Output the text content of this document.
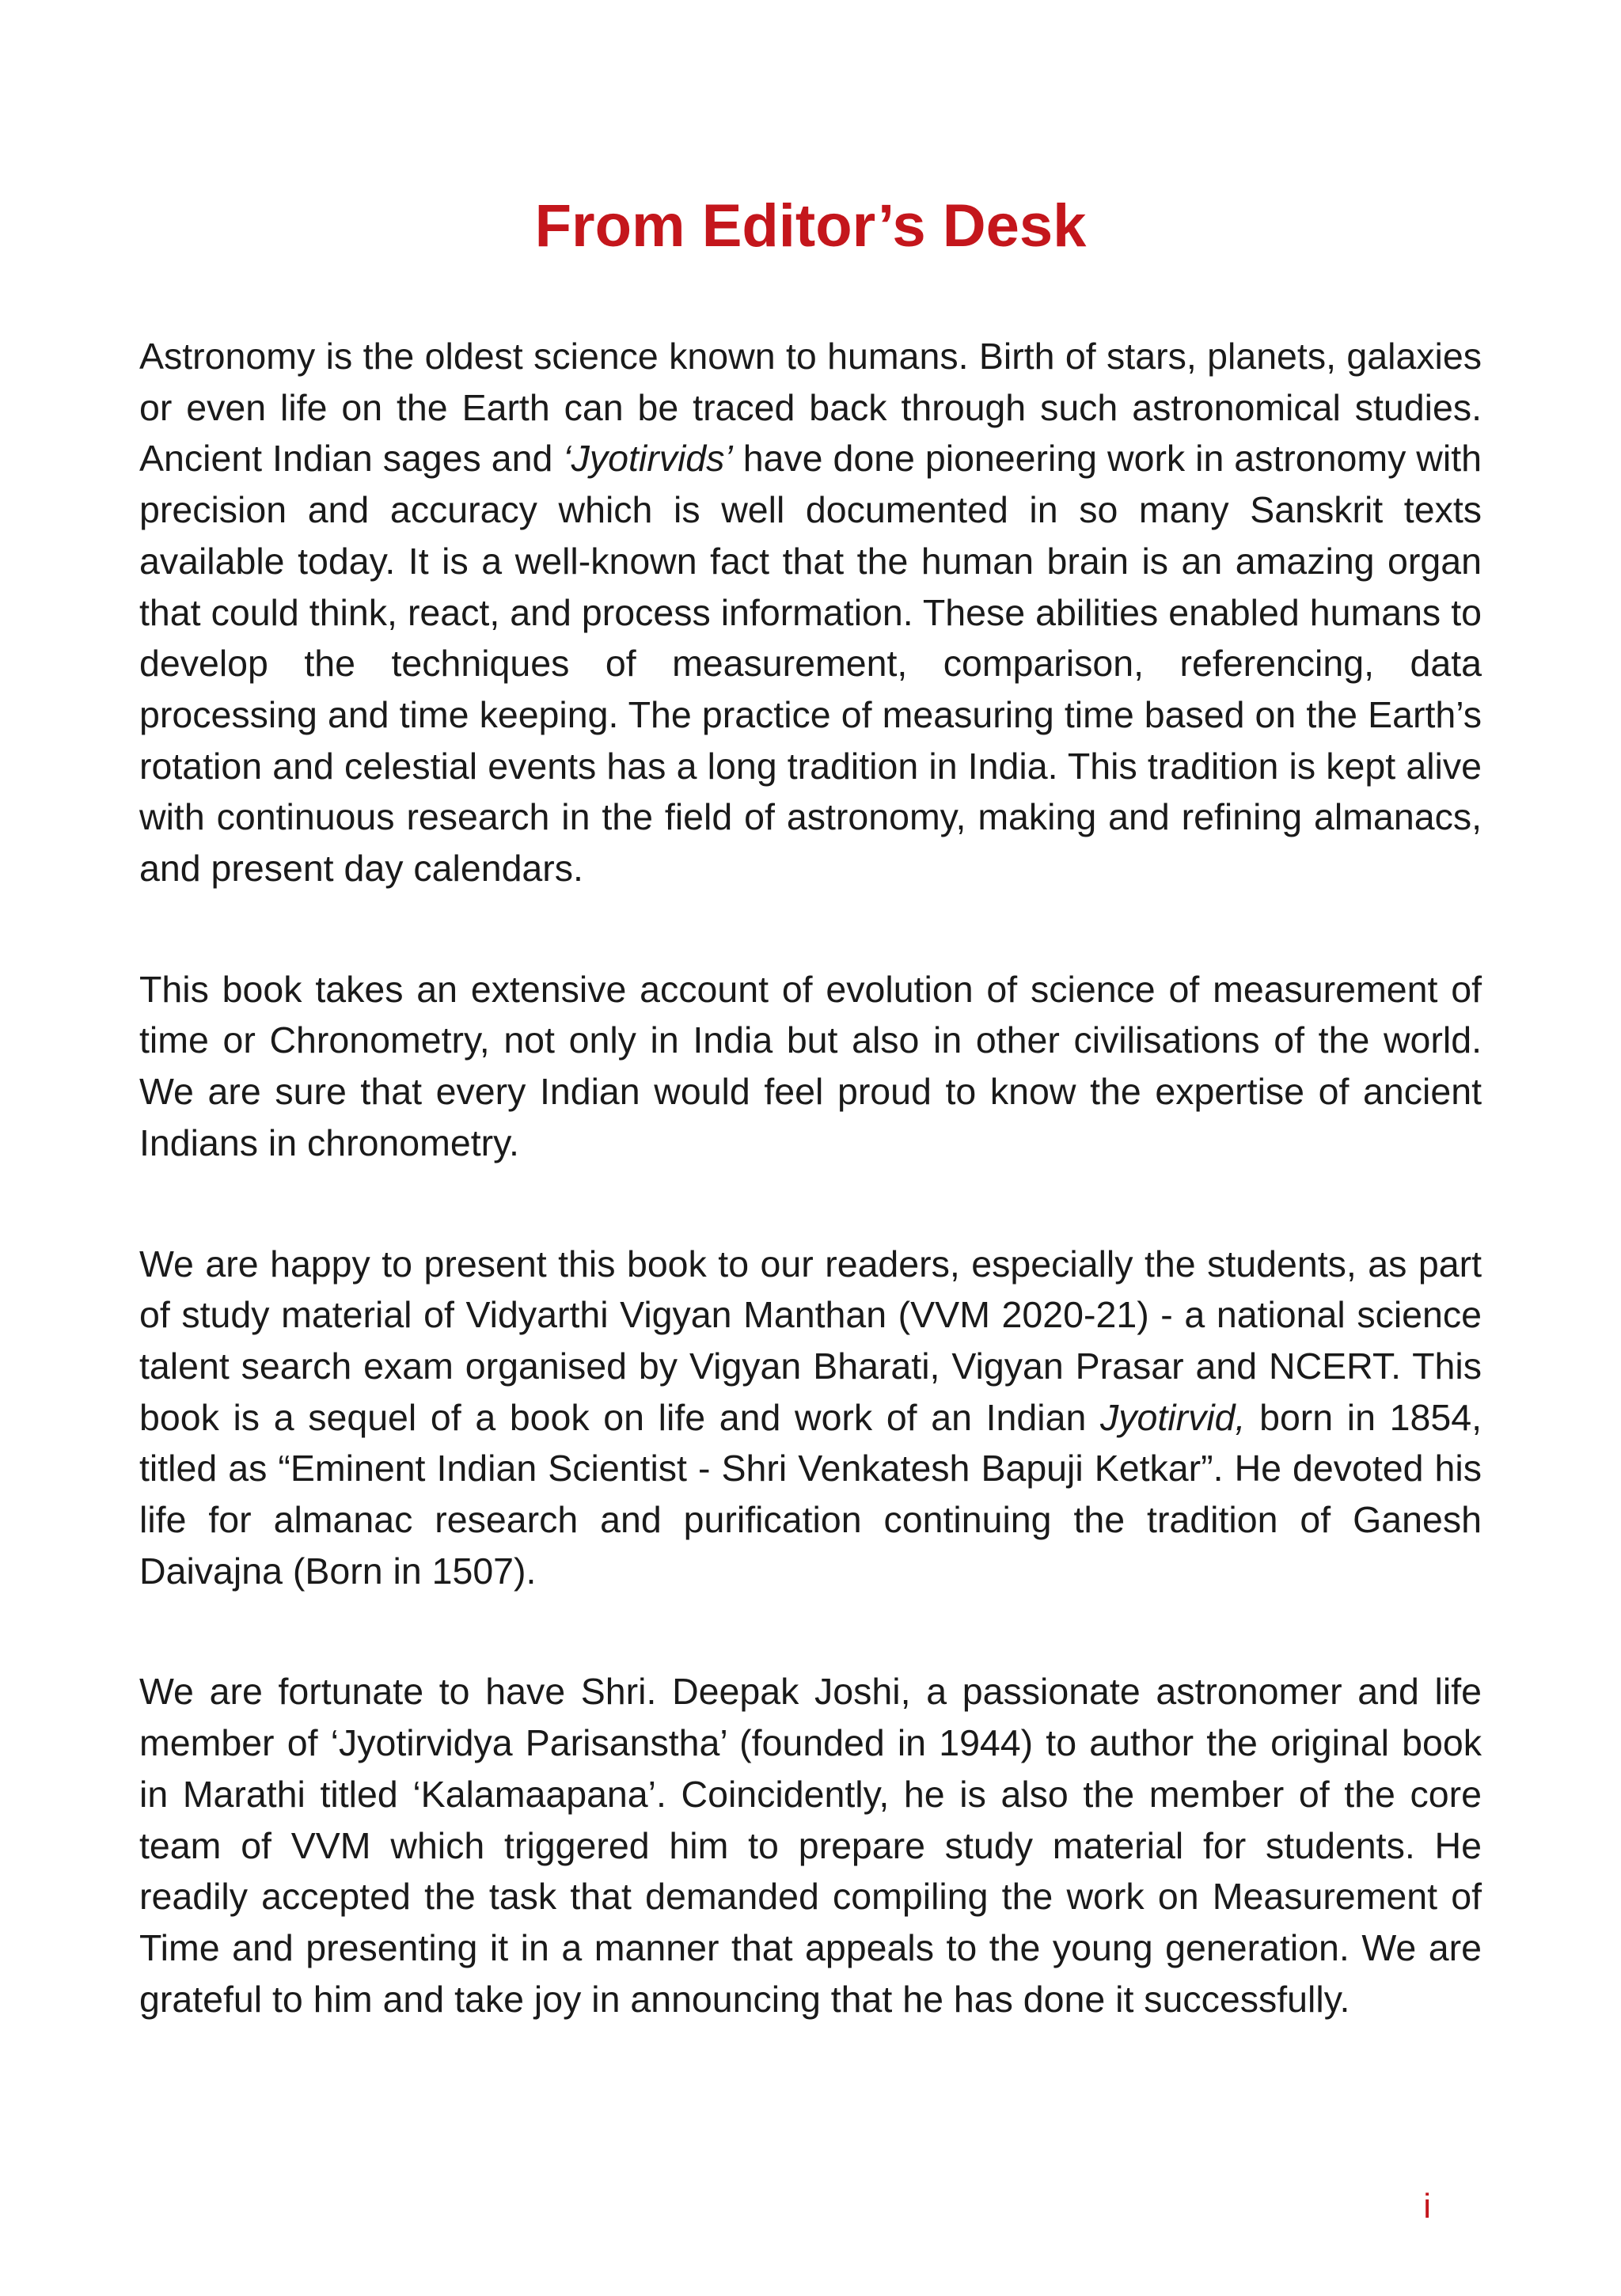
From Editor’s Desk

Astronomy is the oldest science known to humans. Birth of stars, planets, galaxies or even life on the Earth can be traced back through such astronomical studies. Ancient Indian sages and ‘Jyotirvids’ have done pioneering work in astronomy with precision and accuracy which is well documented in so many Sanskrit texts available today. It is a well-known fact that the human brain is an amazing organ that could think, react, and process information. These abilities enabled humans to develop the techniques of measurement, comparison, referencing, data processing and time keeping. The practice of measuring time based on the Earth’s rotation and celestial events has a long tradition in India. This tradition is kept alive with continuous research in the field of astronomy, making and refining almanacs, and present day calendars.

This book takes an extensive account of evolution of science of measurement of time or Chronometry, not only in India but also in other civilisations of the world. We are sure that every Indian would feel proud to know the expertise of ancient Indians in chronometry.

We are happy to present this book to our readers, especially the students, as part of study material of Vidyarthi Vigyan Manthan (VVM 2020-21) - a national science talent search exam organised by Vigyan Bharati, Vigyan Prasar and NCERT. This book is a sequel of a book on life and work of an Indian Jyotirvid, born in 1854, titled as “Eminent Indian Scientist - Shri Venkatesh Bapuji Ketkar”. He devoted his life for almanac research and purification continuing the tradition of Ganesh Daivajna (Born in 1507).

We are fortunate to have Shri. Deepak Joshi, a passionate astronomer and life member of ‘Jyotirvidya Parisanstha’ (founded in 1944) to author the original book in Marathi titled ‘Kalamaapana’. Coincidently, he is also the member of the core team of VVM which triggered him to prepare study material for students. He readily accepted the task that demanded compiling the work on Measurement of Time and presenting it in a manner that appeals to the young generation. We are grateful to him and take joy in announcing that he has done it successfully.

i
